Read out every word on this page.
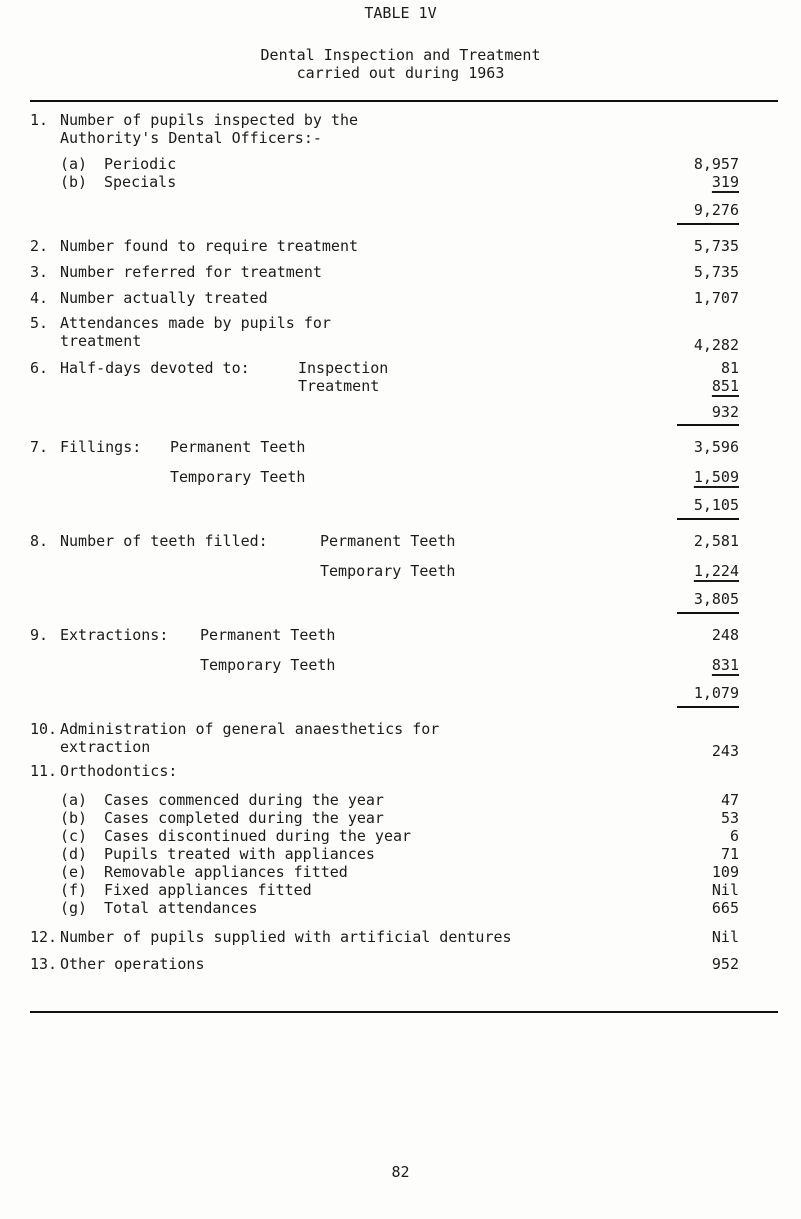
TABLE 1V
Dental Inspection and Treatment
carried out during 1963
1. Number of pupils inspected by the
Authority's Dental Officers:-
(a) Periodic	8,957
(b) Specials	319
9,276
2. Number found to require treatment	5,735
3. Number referred for treatment	5,735
4. Number actually treated	1,707
5. Attendances made by pupils for
treatment	4,282
6. Half-days devoted to:	Inspection	81
Treatment	851
932
7. Fillings: Permanent Teeth	3,596
Temporary Teeth	1,509
5,105
8. Number of teeth filled:	Permanent Teeth	2,581
Temporary Teeth	1,224
3,805
9. Extractions: Permanent Teeth	248
Temporary Teeth	831
1,079
10. Administration of general anaesthetics for
extraction	243
11. Orthodontics:
(a) Cases commenced during the year	47
(b) Cases completed during the year	53
(c) Cases discontinued during the year	6
(d) Pupils treated with appliances	71
(e) Removable appliances fitted	109
(f) Fixed appliances fitted	Nil
(g) Total attendances	665
12. Number of pupils supplied with artificial dentures	Nil
13. Other operations	952
82
